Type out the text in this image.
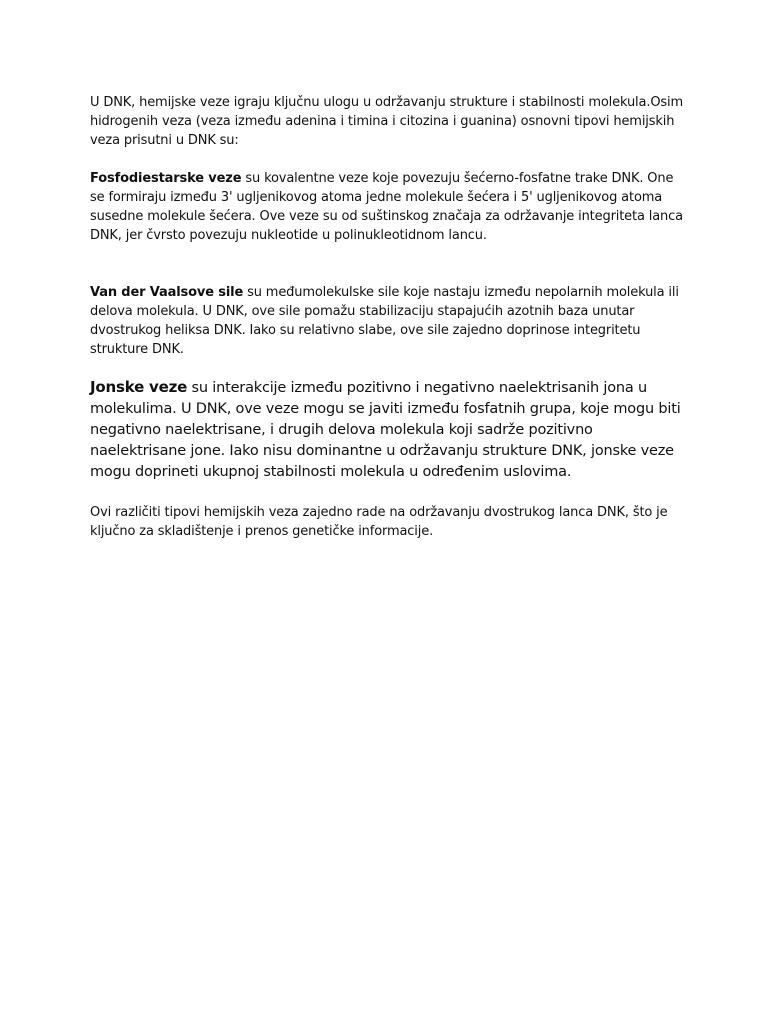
U DNK, hemijske veze igraju ključnu ulogu u održavanju strukture i stabilnosti molekula.Osim hidrogenih veza (veza između adenina i timina i citozina i guanina) osnovni tipovi hemijskih veza prisutni u DNK su:

Fosfodiestarske veze su kovalentne veze koje povezuju šećerno-fosfatne trake DNK. One se formiraju između 3' ugljenikovog atoma jedne molekule šećera i 5' ugljenikovog atoma susedne molekule šećera. Ove veze su od suštinskog značaja za održavanje integriteta lanca DNK, jer čvrsto povezuju nukleotide u polinukleotidnom lancu.

Van der Vaalsove sile su međumolekulske sile koje nastaju između nepolarnih molekula ili delova molekula. U DNK, ove sile pomažu stabilizaciju stapajućih azotnih baza unutar dvostrukog heliksa DNK. Iako su relativno slabe, ove sile zajedno doprinose integritetu strukture DNK.

Jonske veze su interakcije između pozitivno i negativno naelektrisanih jona u molekulima. U DNK, ove veze mogu se javiti između fosfatnih grupa, koje mogu biti negativno naelektrisane, i drugih delova molekula koji sadrže pozitivno naelektrisane jone. Iako nisu dominantne u održavanju strukture DNK, jonske veze mogu doprineti ukupnoj stabilnosti molekula u određenim uslovima.

Ovi različiti tipovi hemijskih veza zajedno rade na održavanju dvostrukog lanca DNK, što je ključno za skladištenje i prenos genetičke informacije.
